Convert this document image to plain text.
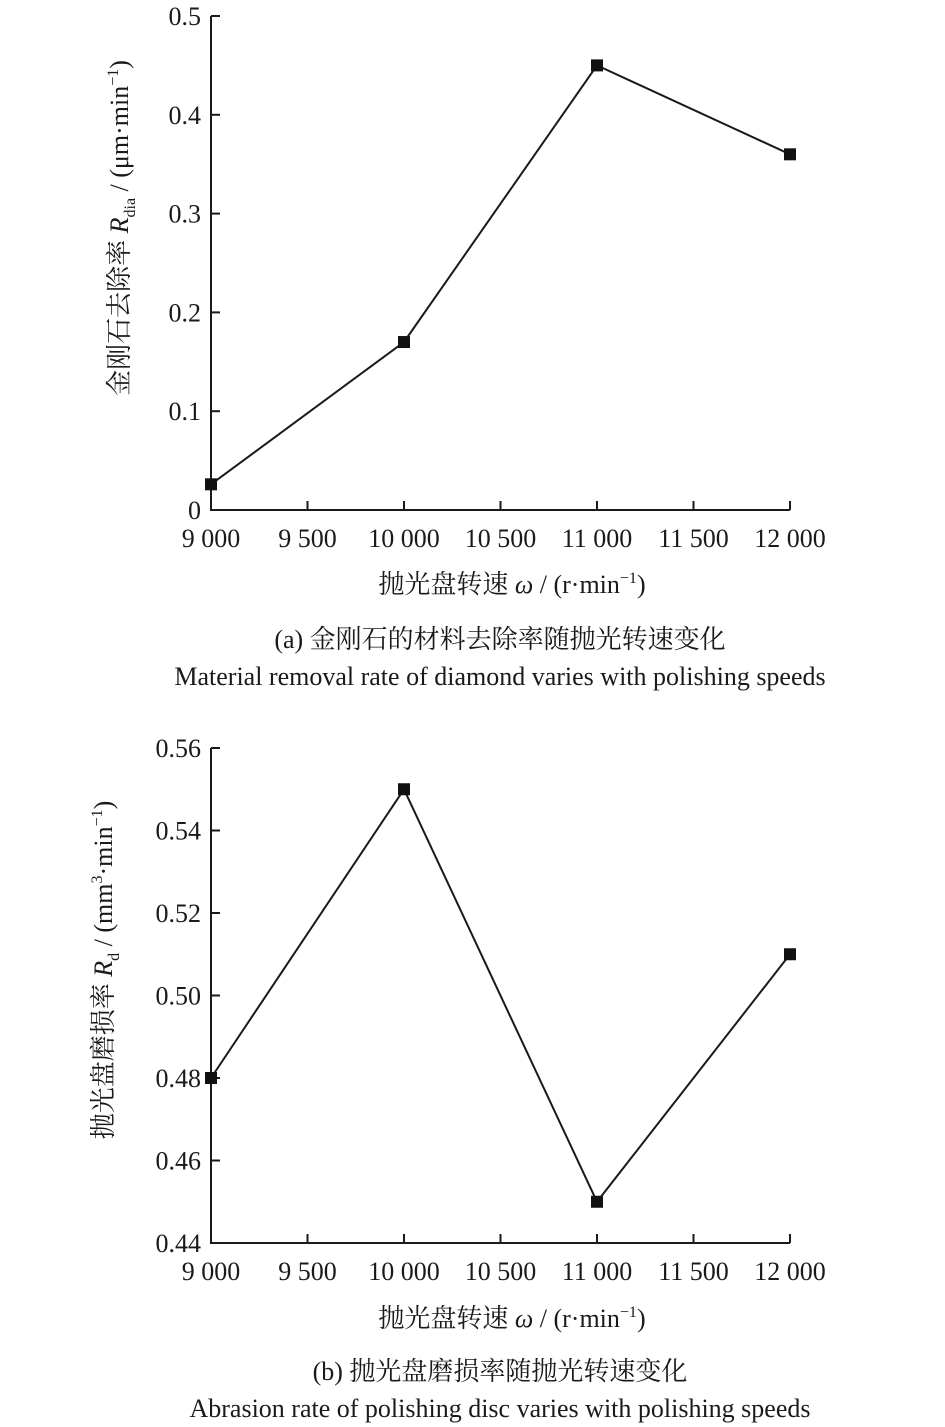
0
0.1
0.2
0.3
0.4
0.5
9 000 9 500 10 000 10 500 11 000 11 500 12 000
抛光盘转速 $\omega / (r\cdot\min^{-1})$
金刚石去除率 $R_{dia} / (\mu m\cdot\min^{-1})$
(a) 金刚石的材料去除率随抛光转速变化
Material removal rate of diamond varies with polishing speeds
0.44
0.46
0.48
0.50
0.52
0.54
0.56
9 000 9 500 10 000 10 500 11 000 11 500 12 000
抛光盘转速 $\omega / (r\cdot\min^{-1})$
抛光盘磨损率 $R_d / (mm^3\cdot\min^{-1})$
(b) 抛光盘磨损率随抛光转速变化
Abrasion rate of polishing disc varies with polishing speeds
